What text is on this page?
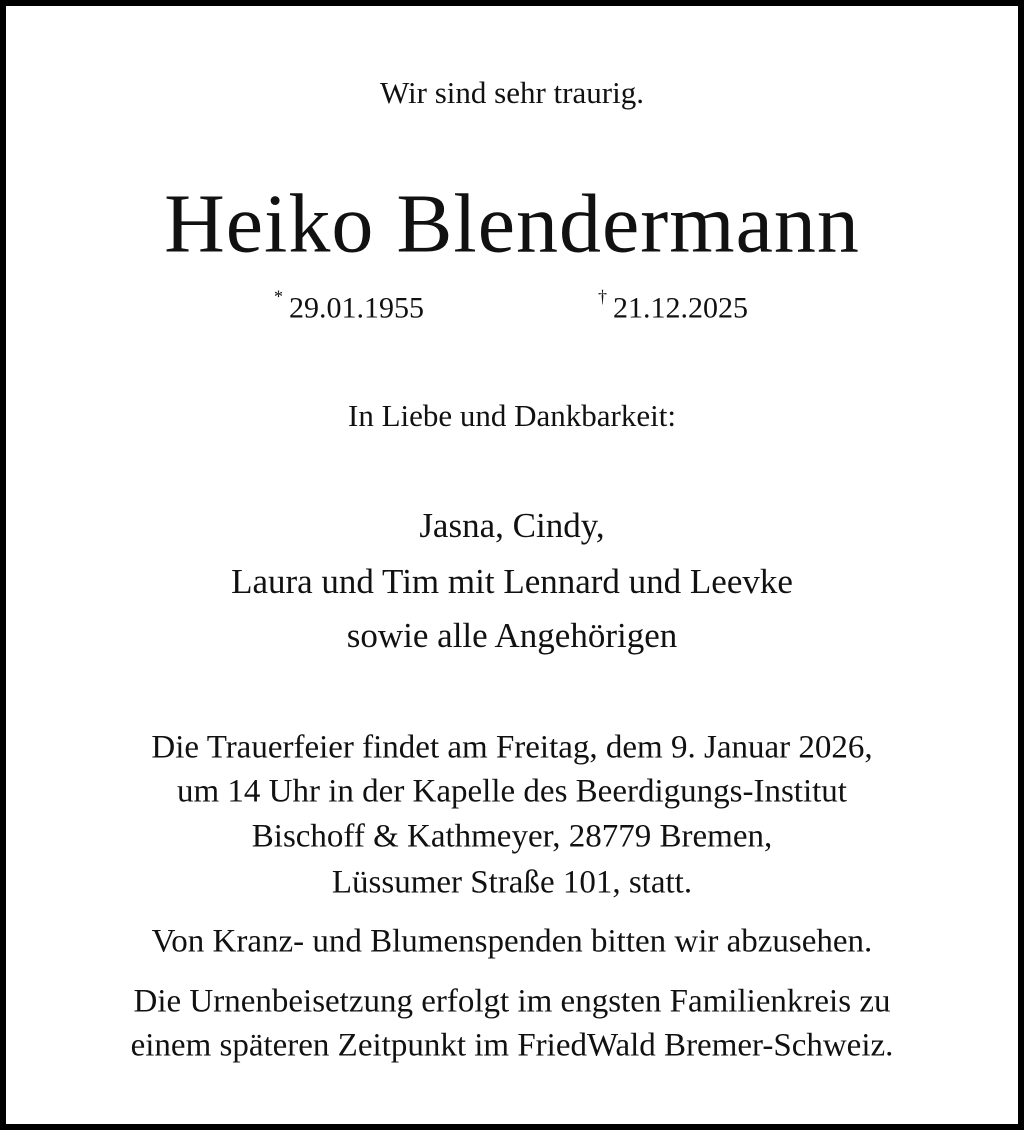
Wir sind sehr traurig.
Heiko Blendermann
* 29.01.1955	† 21.12.2025
In Liebe und Dankbarkeit:
Jasna, Cindy,
Laura und Tim mit Lennard und Leevke
sowie alle Angehörigen
Die Trauerfeier findet am Freitag, dem 9. Januar 2026,
um 14 Uhr in der Kapelle des Beerdigungs-Institut
Bischoff & Kathmeyer, 28779 Bremen,
Lüssumer Straße 101, statt.
Von Kranz- und Blumenspenden bitten wir abzusehen.
Die Urnenbeisetzung erfolgt im engsten Familienkreis zu
einem späteren Zeitpunkt im FriedWald Bremer-Schweiz.
